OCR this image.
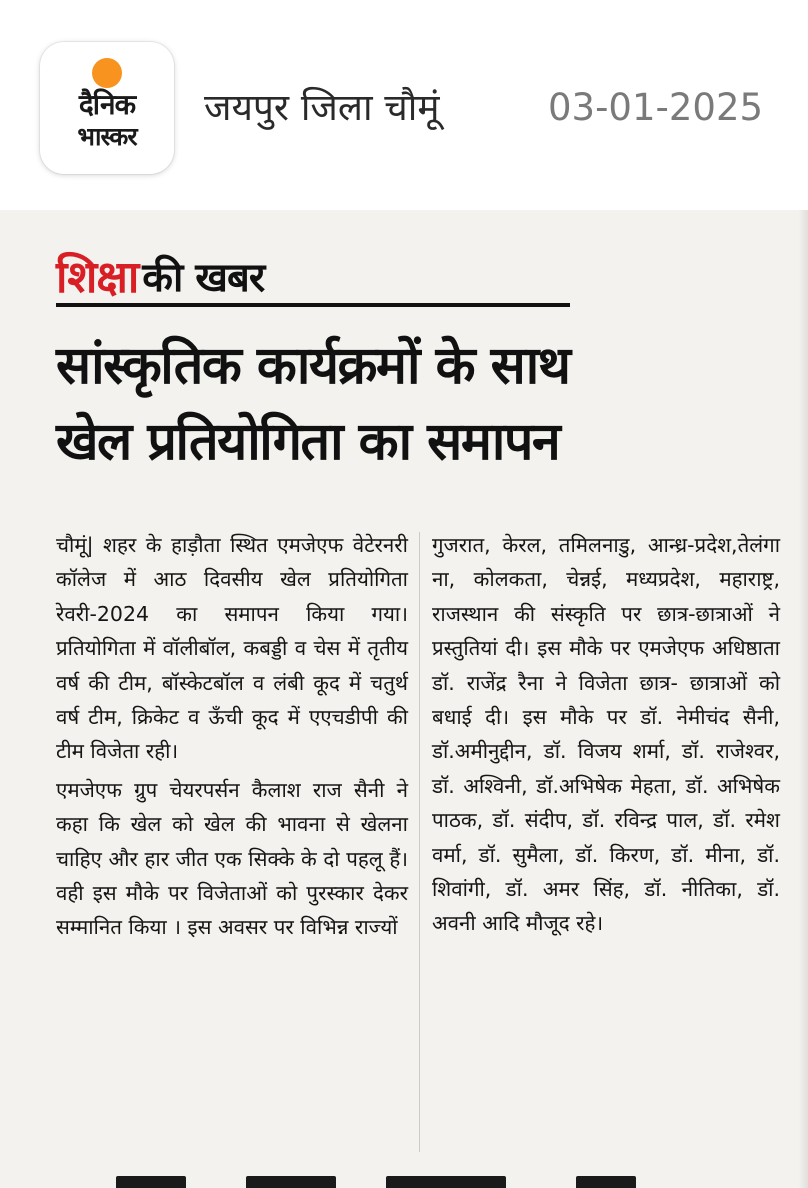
दैनिक
भास्कर
जयपुर जिला चौमूं	03-01-2025
शिक्षा की खबर
सांस्कृतिक कार्यक्रमों के साथ
खेल प्रतियोगिता का समापन

चौमूं| शहर के हाड़ौता स्थित एमजेएफ वेटेरनरी कॉलेज में आठ दिवसीय खेल प्रतियोगिता रेवरी-2024 का समापन किया गया। प्रतियोगिता में वॉलीबॉल, कबड्डी व चेस में तृतीय वर्ष की टीम, बॉस्केटबॉल व लंबी कूद में चतुर्थ वर्ष टीम, क्रिकेट व ऊँची कूद में एएचडीपी की टीम विजेता रही।

एमजेएफ ग्रुप चेयरपर्सन कैलाश राज सैनी ने कहा कि खेल को खेल की भावना से खेलना चाहिए और हार जीत एक सिक्के के दो पहलू हैं। वही इस मौके पर विजेताओं को पुरस्कार देकर सम्मानित किया । इस अवसर पर विभिन्न राज्यों

गुजरात, केरल, तमिलनाडु, आन्ध्र-प्रदेश,तेलंगा ना, कोलकता, चेन्नई, मध्यप्रदेश, महाराष्ट्र, राजस्थान की संस्कृति पर छात्र-छात्राओं ने प्रस्तुतियां दी। इस मौके पर एमजेएफ अधिष्ठाता डॉ. राजेंद्र रैना ने विजेता छात्र- छात्राओं को बधाई दी। इस मौके पर डॉ. नेमीचंद सैनी, डॉ.अमीनुद्दीन, डॉ. विजय शर्मा, डॉ. राजेश्वर, डॉ. अश्विनी, डॉ.अभिषेक मेहता, डॉ. अभिषेक पाठक, डॉ. संदीप, डॉ. रविन्द्र पाल, डॉ. रमेश वर्मा, डॉ. सुमैला, डॉ. किरण, डॉ. मीना, डॉ. शिवांगी, डॉ. अमर सिंह, डॉ. नीतिका, डॉ. अवनी आदि मौजूद रहे।
